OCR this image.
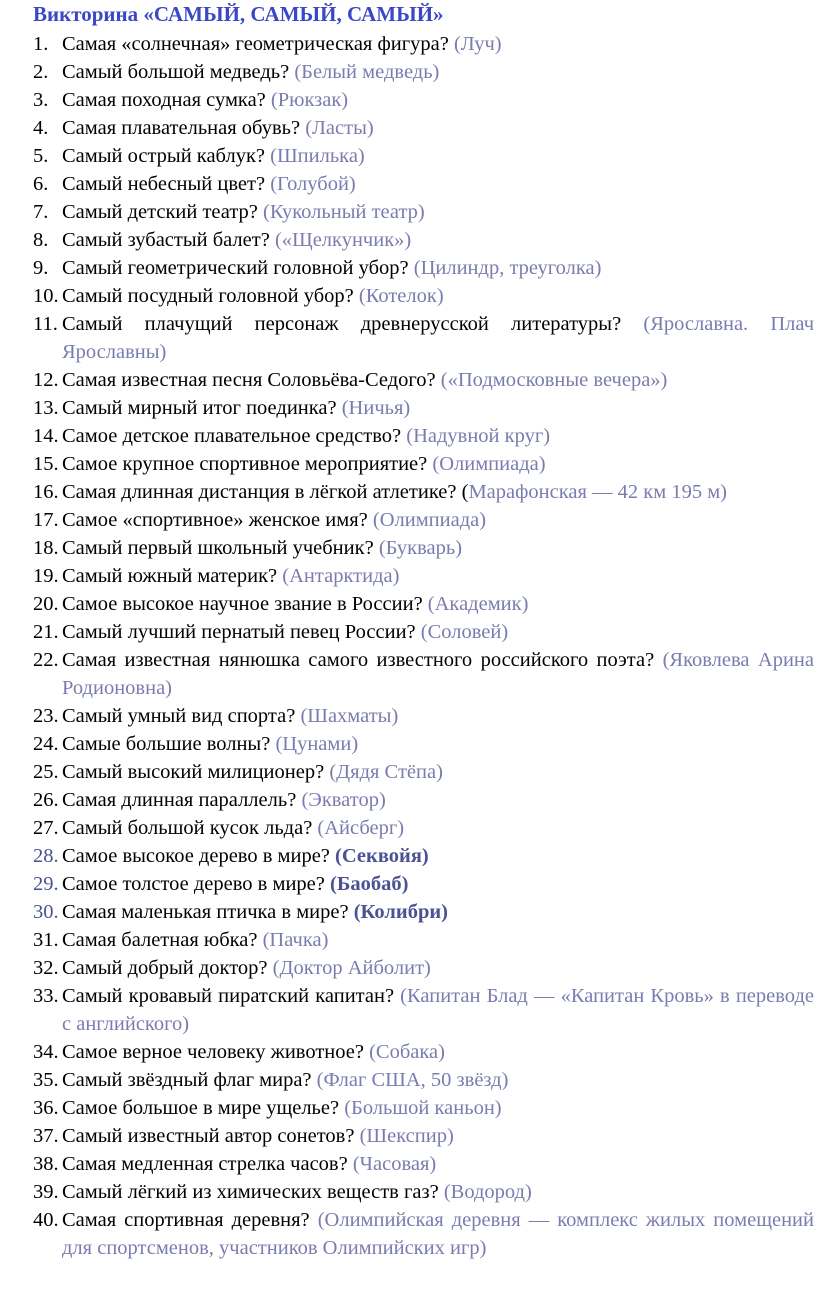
Викторина «САМЫЙ, САМЫЙ, САМЫЙ»
1. Самая «солнечная» геометрическая фигура? (Луч)
2. Самый большой медведь? (Белый медведь)
3. Самая походная сумка? (Рюкзак)
4. Самая плавательная обувь? (Ласты)
5. Самый острый каблук? (Шпилька)
6. Самый небесный цвет? (Голубой)
7. Самый детский театр? (Кукольный театр)
8. Самый зубастый балет? («Щелкунчик»)
9. Самый геометрический головной убор? (Цилиндр, треуголка)
10. Самый посудный головной убор? (Котелок)
11. Самый плачущий персонаж древнерусской литературы? (Ярославна. Плач Ярославны)
12. Самая известная песня Соловьёва-Седого? («Подмосковные вечера»)
13. Самый мирный итог поединка? (Ничья)
14. Самое детское плавательное средство? (Надувной круг)
15. Самое крупное спортивное мероприятие? (Олимпиада)
16. Самая длинная дистанция в лёгкой атлетике? (Марафонская — 42 км 195 м)
17. Самое «спортивное» женское имя? (Олимпиада)
18. Самый первый школьный учебник? (Букварь)
19. Самый южный материк? (Антарктида)
20. Самое высокое научное звание в России? (Академик)
21. Самый лучший пернатый певец России? (Соловей)
22. Самая известная нянюшка самого известного российского поэта? (Яковлева Арина Родионовна)
23. Самый умный вид спорта? (Шахматы)
24. Самые большие волны? (Цунами)
25. Самый высокий милиционер? (Дядя Стёпа)
26. Самая длинная параллель? (Экватор)
27. Самый большой кусок льда? (Айсберг)
28. Самое высокое дерево в мире? (Секвойя)
29. Самое толстое дерево в мире? (Баобаб)
30. Самая маленькая птичка в мире? (Колибри)
31. Самая балетная юбка? (Пачка)
32. Самый добрый доктор? (Доктор Айболит)
33. Самый кровавый пиратский капитан? (Капитан Блад — «Капитан Кровь» в переводе с английского)
34. Самое верное человеку животное? (Собака)
35. Самый звёздный флаг мира? (Флаг США, 50 звёзд)
36. Самое большое в мире ущелье? (Большой каньон)
37. Самый известный автор сонетов? (Шекспир)
38. Самая медленная стрелка часов? (Часовая)
39. Самый лёгкий из химических веществ газ? (Водород)
40. Самая спортивная деревня? (Олимпийская деревня — комплекс жилых помещений для спортсменов, участников Олимпийских игр)
